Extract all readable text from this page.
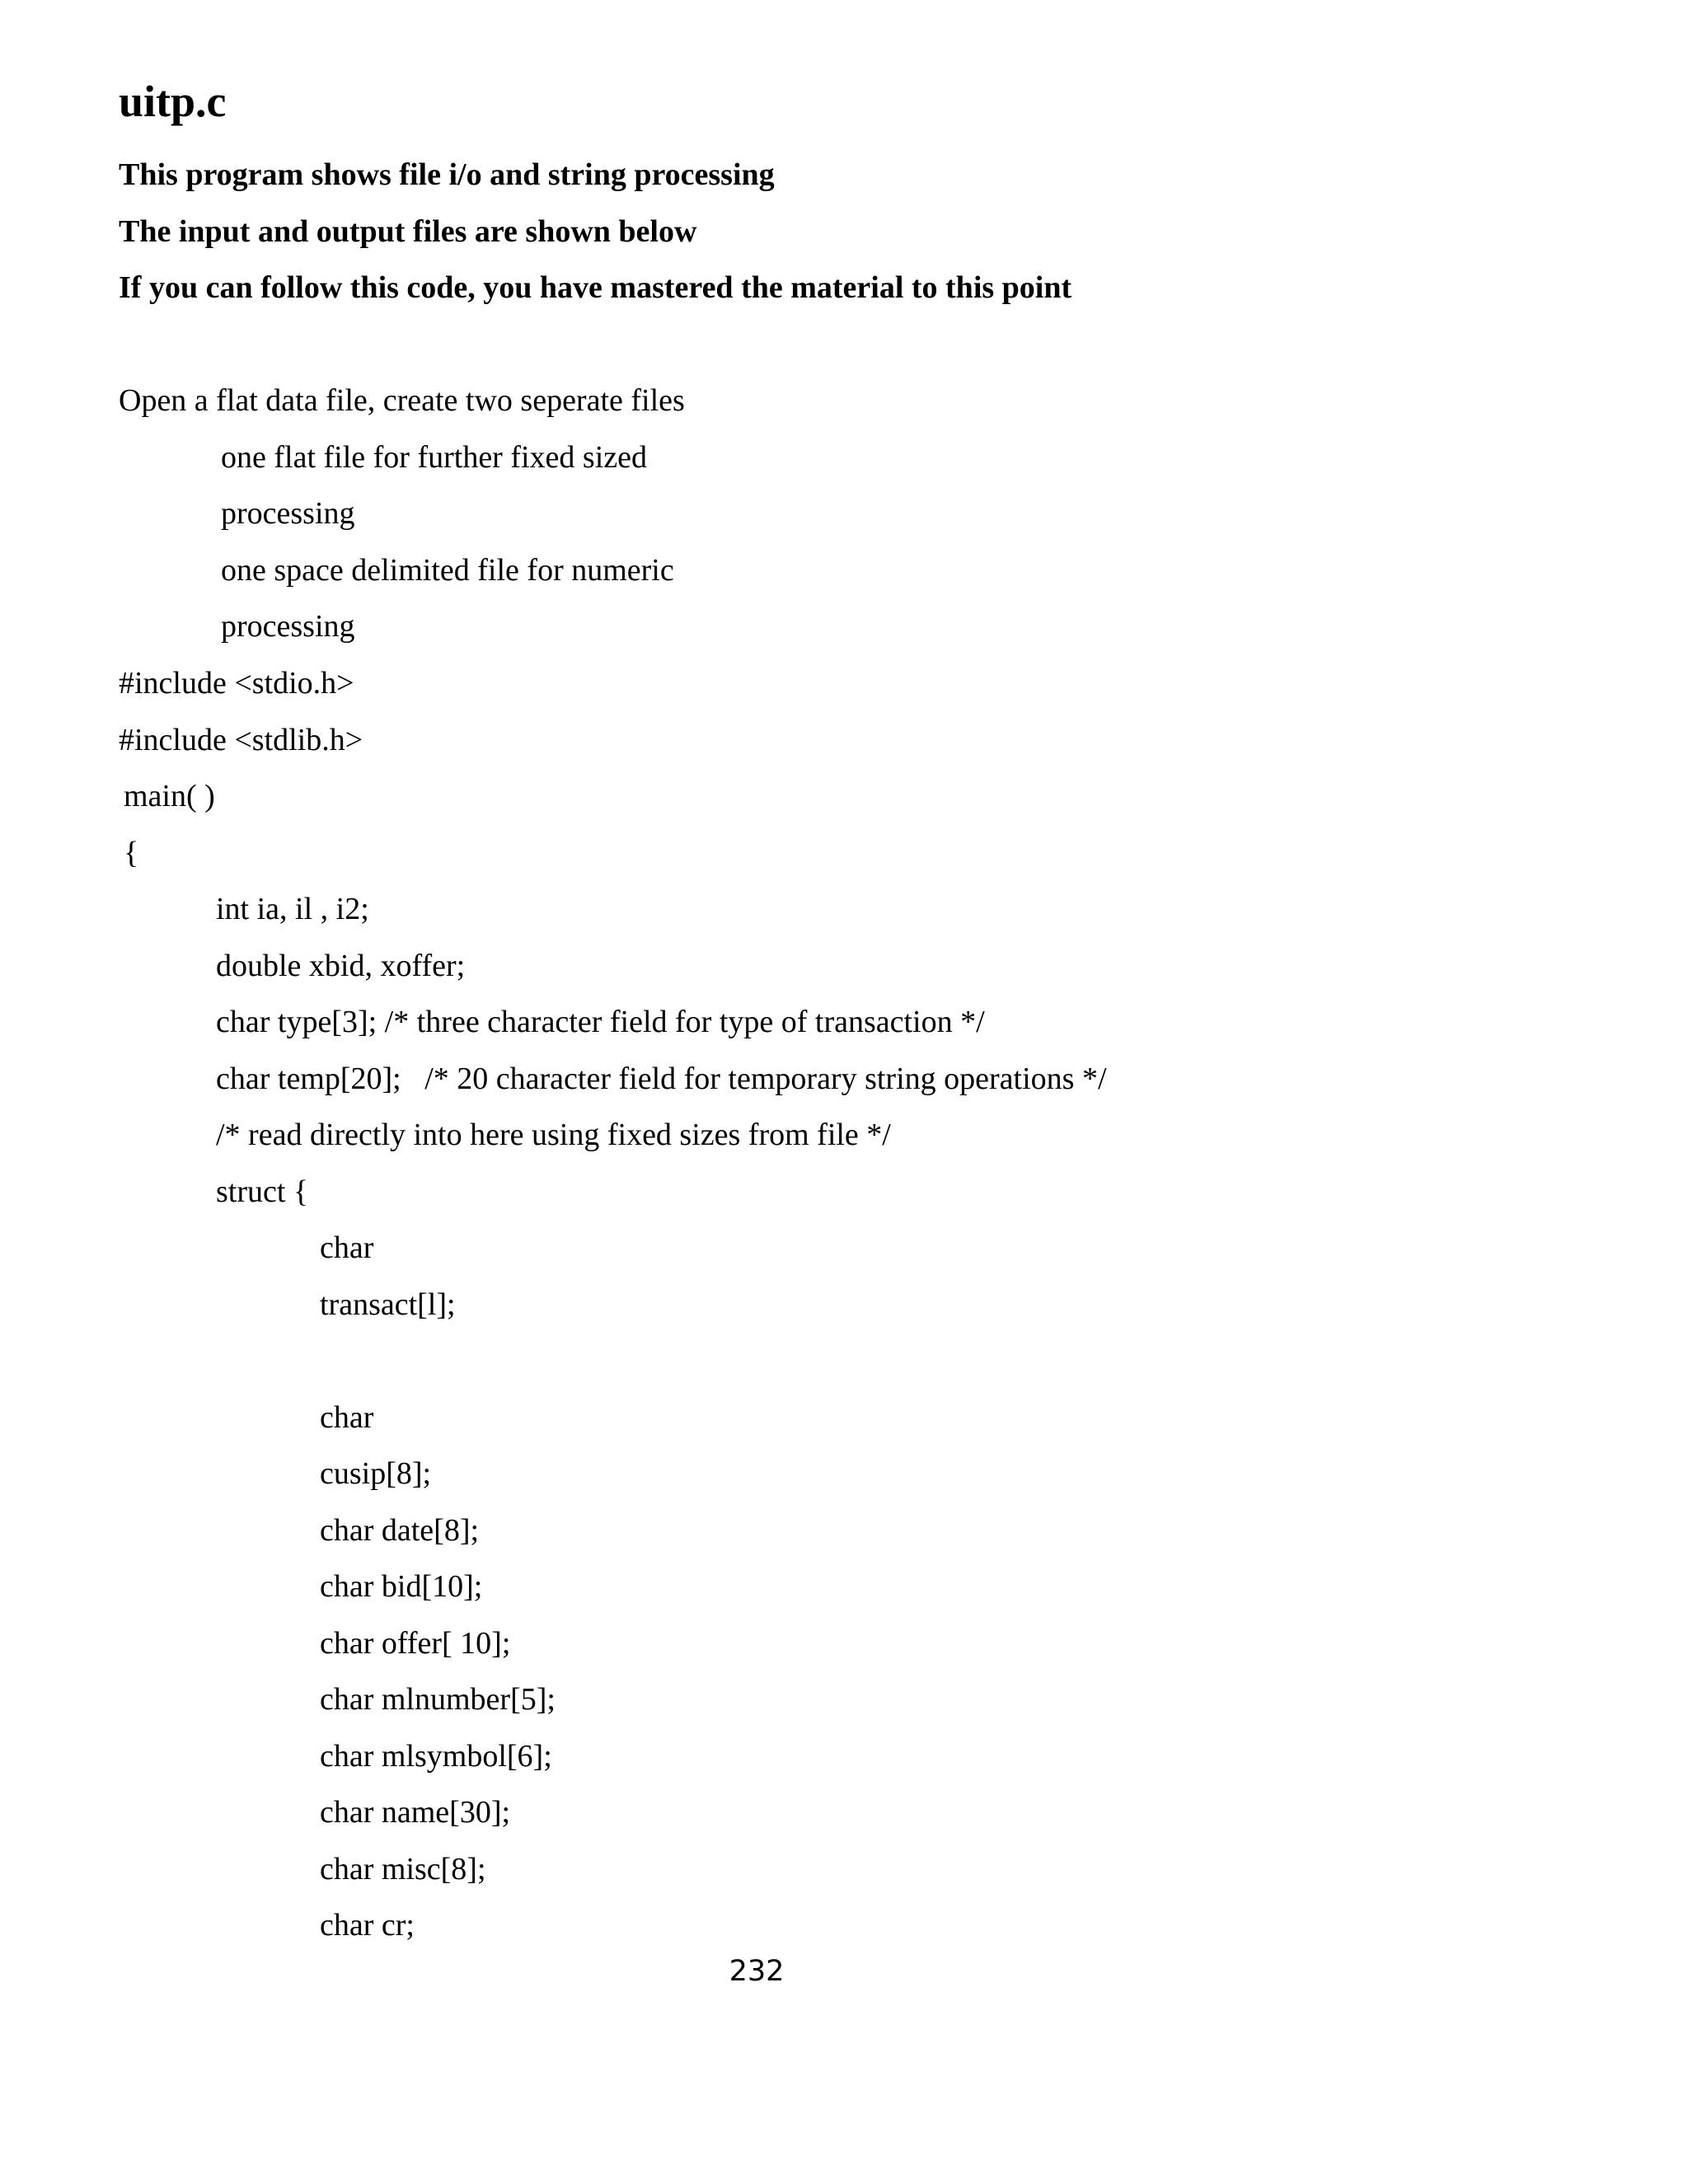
uitp.c
This program shows file i/o and string processing
The input and output files are shown below
If you can follow this code, you have mastered the material to this point
Open a flat data file, create two seperate files
one flat file for further fixed sized
processing
one space delimited file for numeric
processing
#include <stdio.h>
#include <stdlib.h>
main( )
{
int ia, il , i2;
double xbid, xoffer;
char type[3]; /* three character field for type of transaction */
char temp[20];   /* 20 character field for temporary string operations */
/* read directly into here using fixed sizes from file */
struct {
char
transact[l];
char
cusip[8];
char date[8];
char bid[10];
char offer[ 10];
char mlnumber[5];
char mlsymbol[6];
char name[30];
char misc[8];
char cr;
232
